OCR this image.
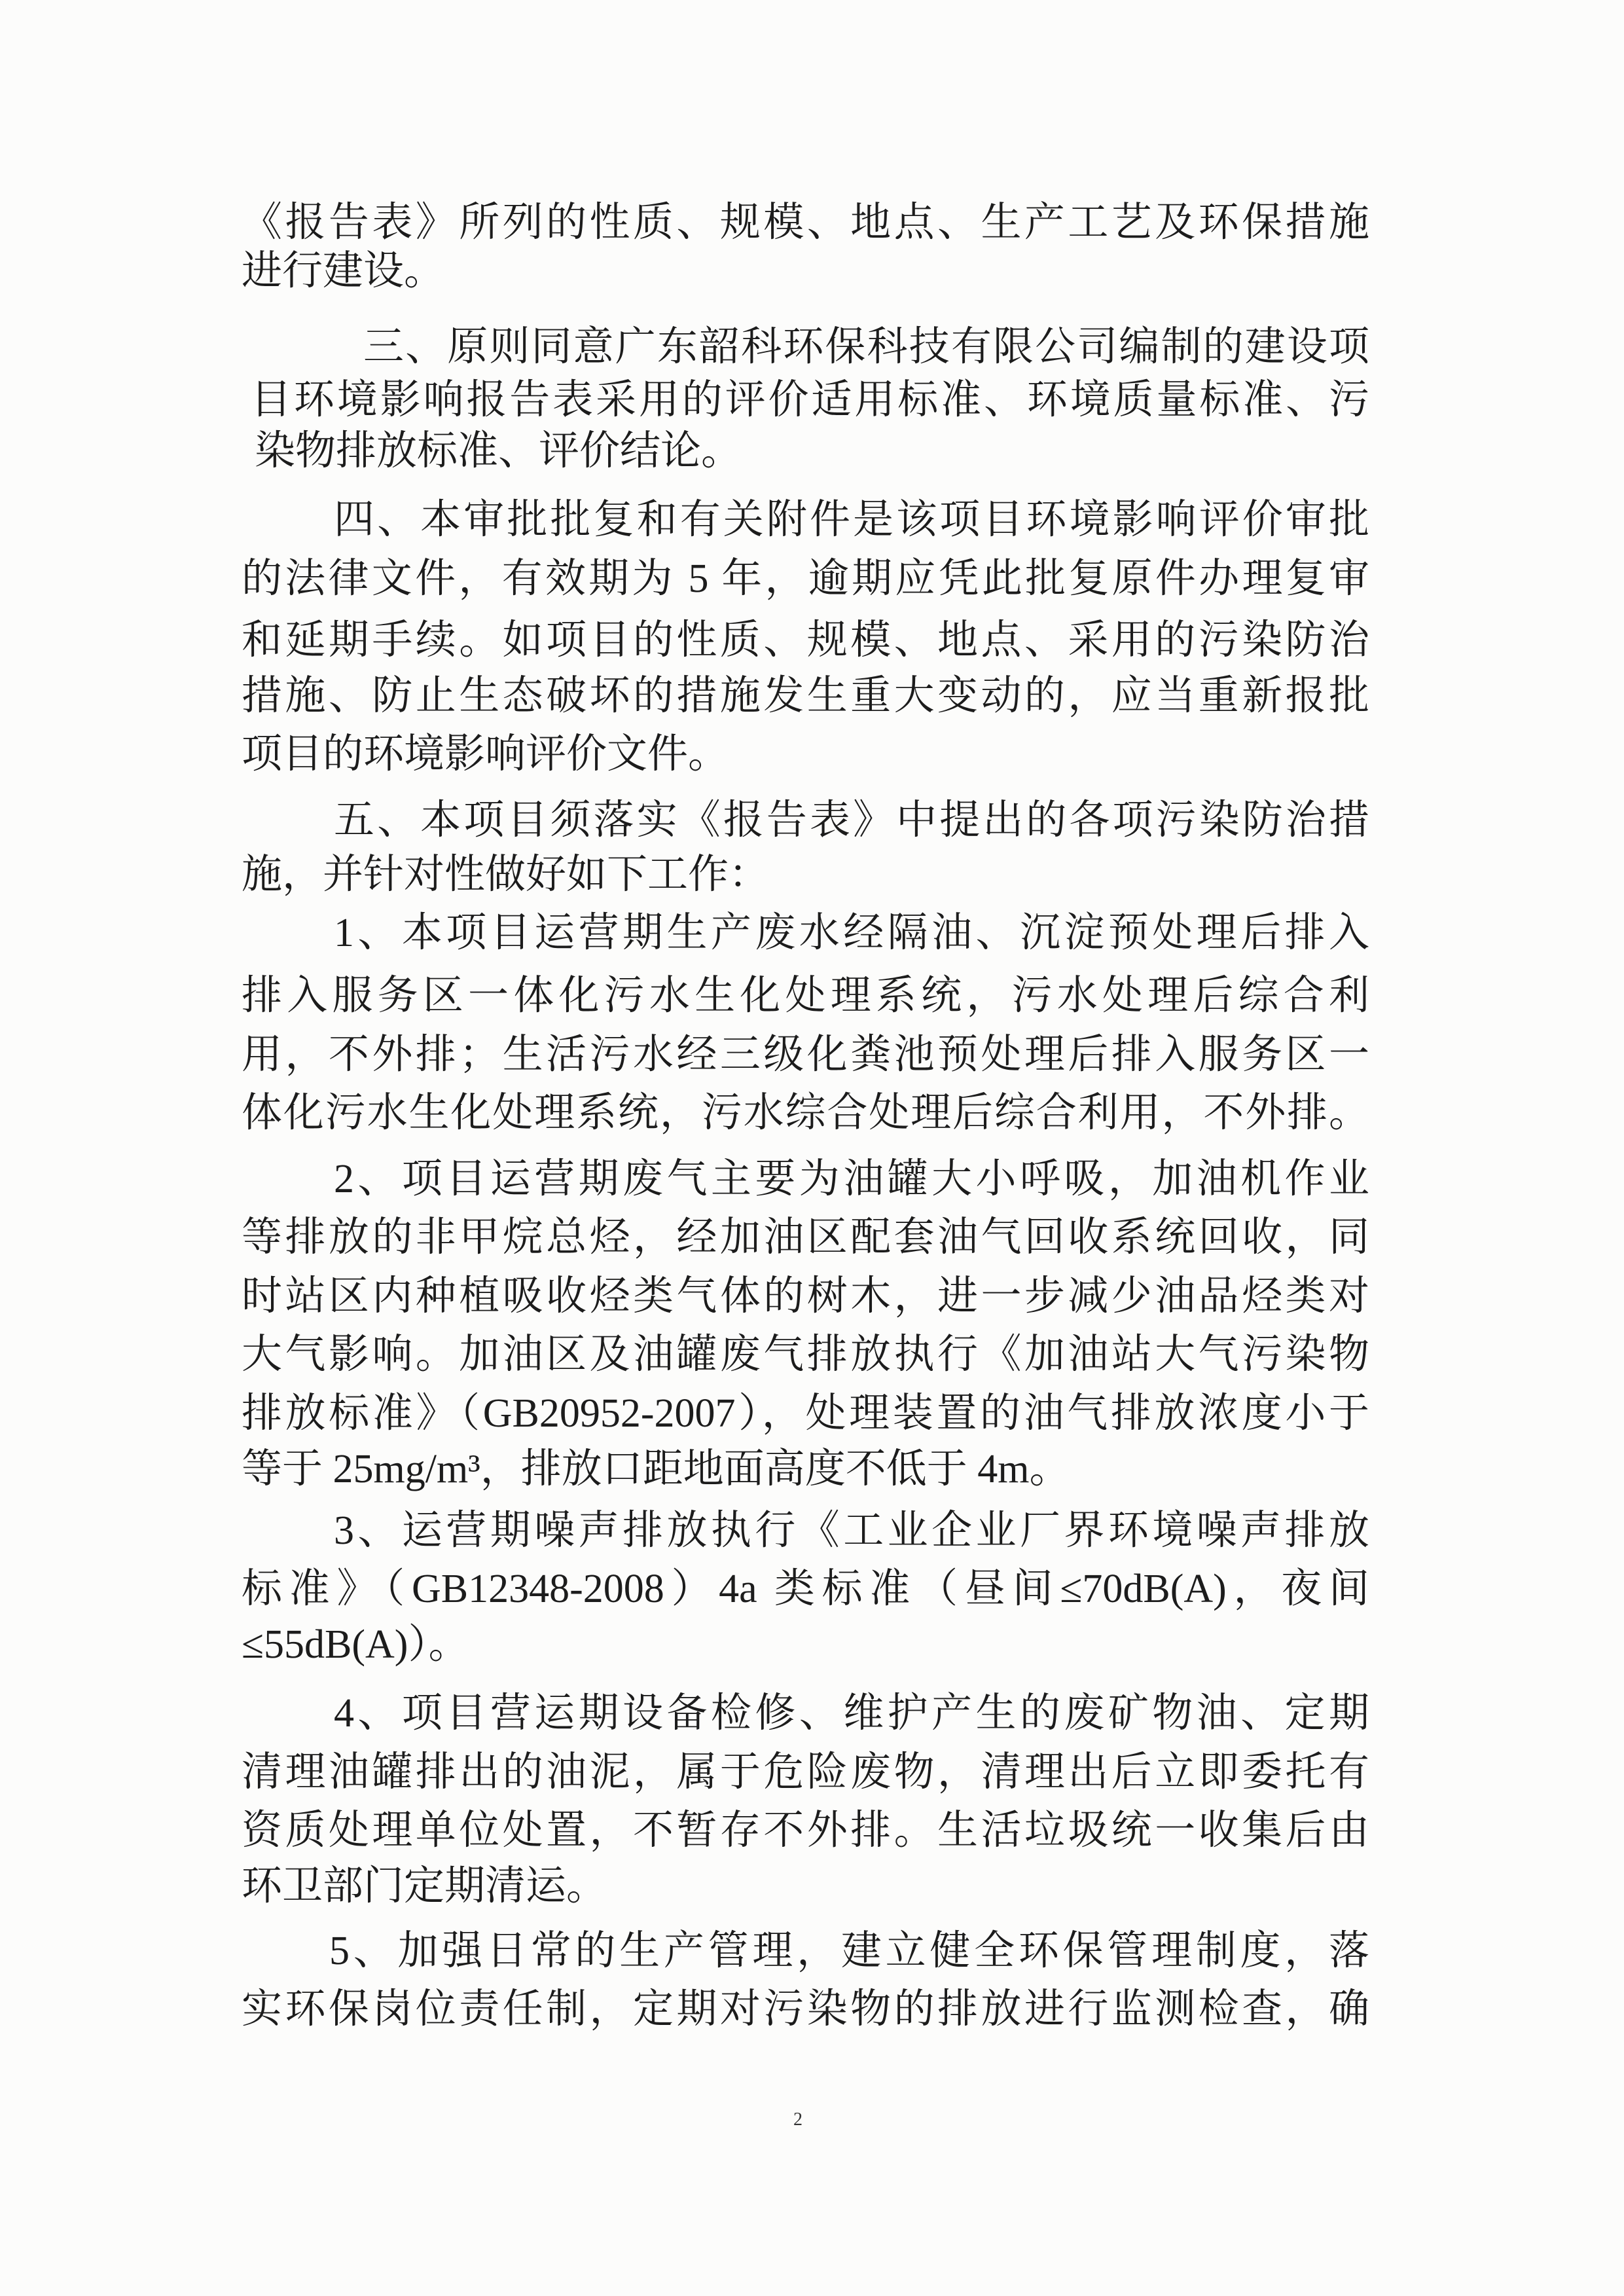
《报告表》所列的性质、规模、地点、生产工艺及环保措施
进行建设。
三、原则同意广东韶科环保科技有限公司编制的建设项
目环境影响报告表采用的评价适用标准、环境质量标准、污
染物排放标准、评价结论。
四、本审批批复和有关附件是该项目环境影响评价审批
的法律文件，有效期为 5 年，逾期应凭此批复原件办理复审
和延期手续。如项目的性质、规模、地点、采用的污染防治
措施、防止生态破坏的措施发生重大变动的，应当重新报批
项目的环境影响评价文件。
五、本项目须落实《报告表》中提出的各项污染防治措
施，并针对性做好如下工作：
1、本项目运营期生产废水经隔油、沉淀预处理后排入
排入服务区一体化污水生化处理系统，污水处理后综合利
用，不外排；生活污水经三级化粪池预处理后排入服务区一
体化污水生化处理系统，污水综合处理后综合利用，不外排。
2、项目运营期废气主要为油罐大小呼吸，加油机作业
等排放的非甲烷总烃，经加油区配套油气回收系统回收，同
时站区内种植吸收烃类气体的树木，进一步减少油品烃类对
大气影响。加油区及油罐废气排放执行《加油站大气污染物
排放标准》（GB20952-2007），处理装置的油气排放浓度小于
等于 25mg/m³，排放口距地面高度不低于 4m。
3、运营期噪声排放执行《工业企业厂界环境噪声排放
标准》（GB12348-2008）4a 类标准（昼间≤70dB(A)，夜间
≤55dB(A)）。
4、项目营运期设备检修、维护产生的废矿物油、定期
清理油罐排出的油泥，属于危险废物，清理出后立即委托有
资质处理单位处置，不暂存不外排。生活垃圾统一收集后由
环卫部门定期清运。
5、加强日常的生产管理，建立健全环保管理制度，落
实环保岗位责任制，定期对污染物的排放进行监测检查，确
2
